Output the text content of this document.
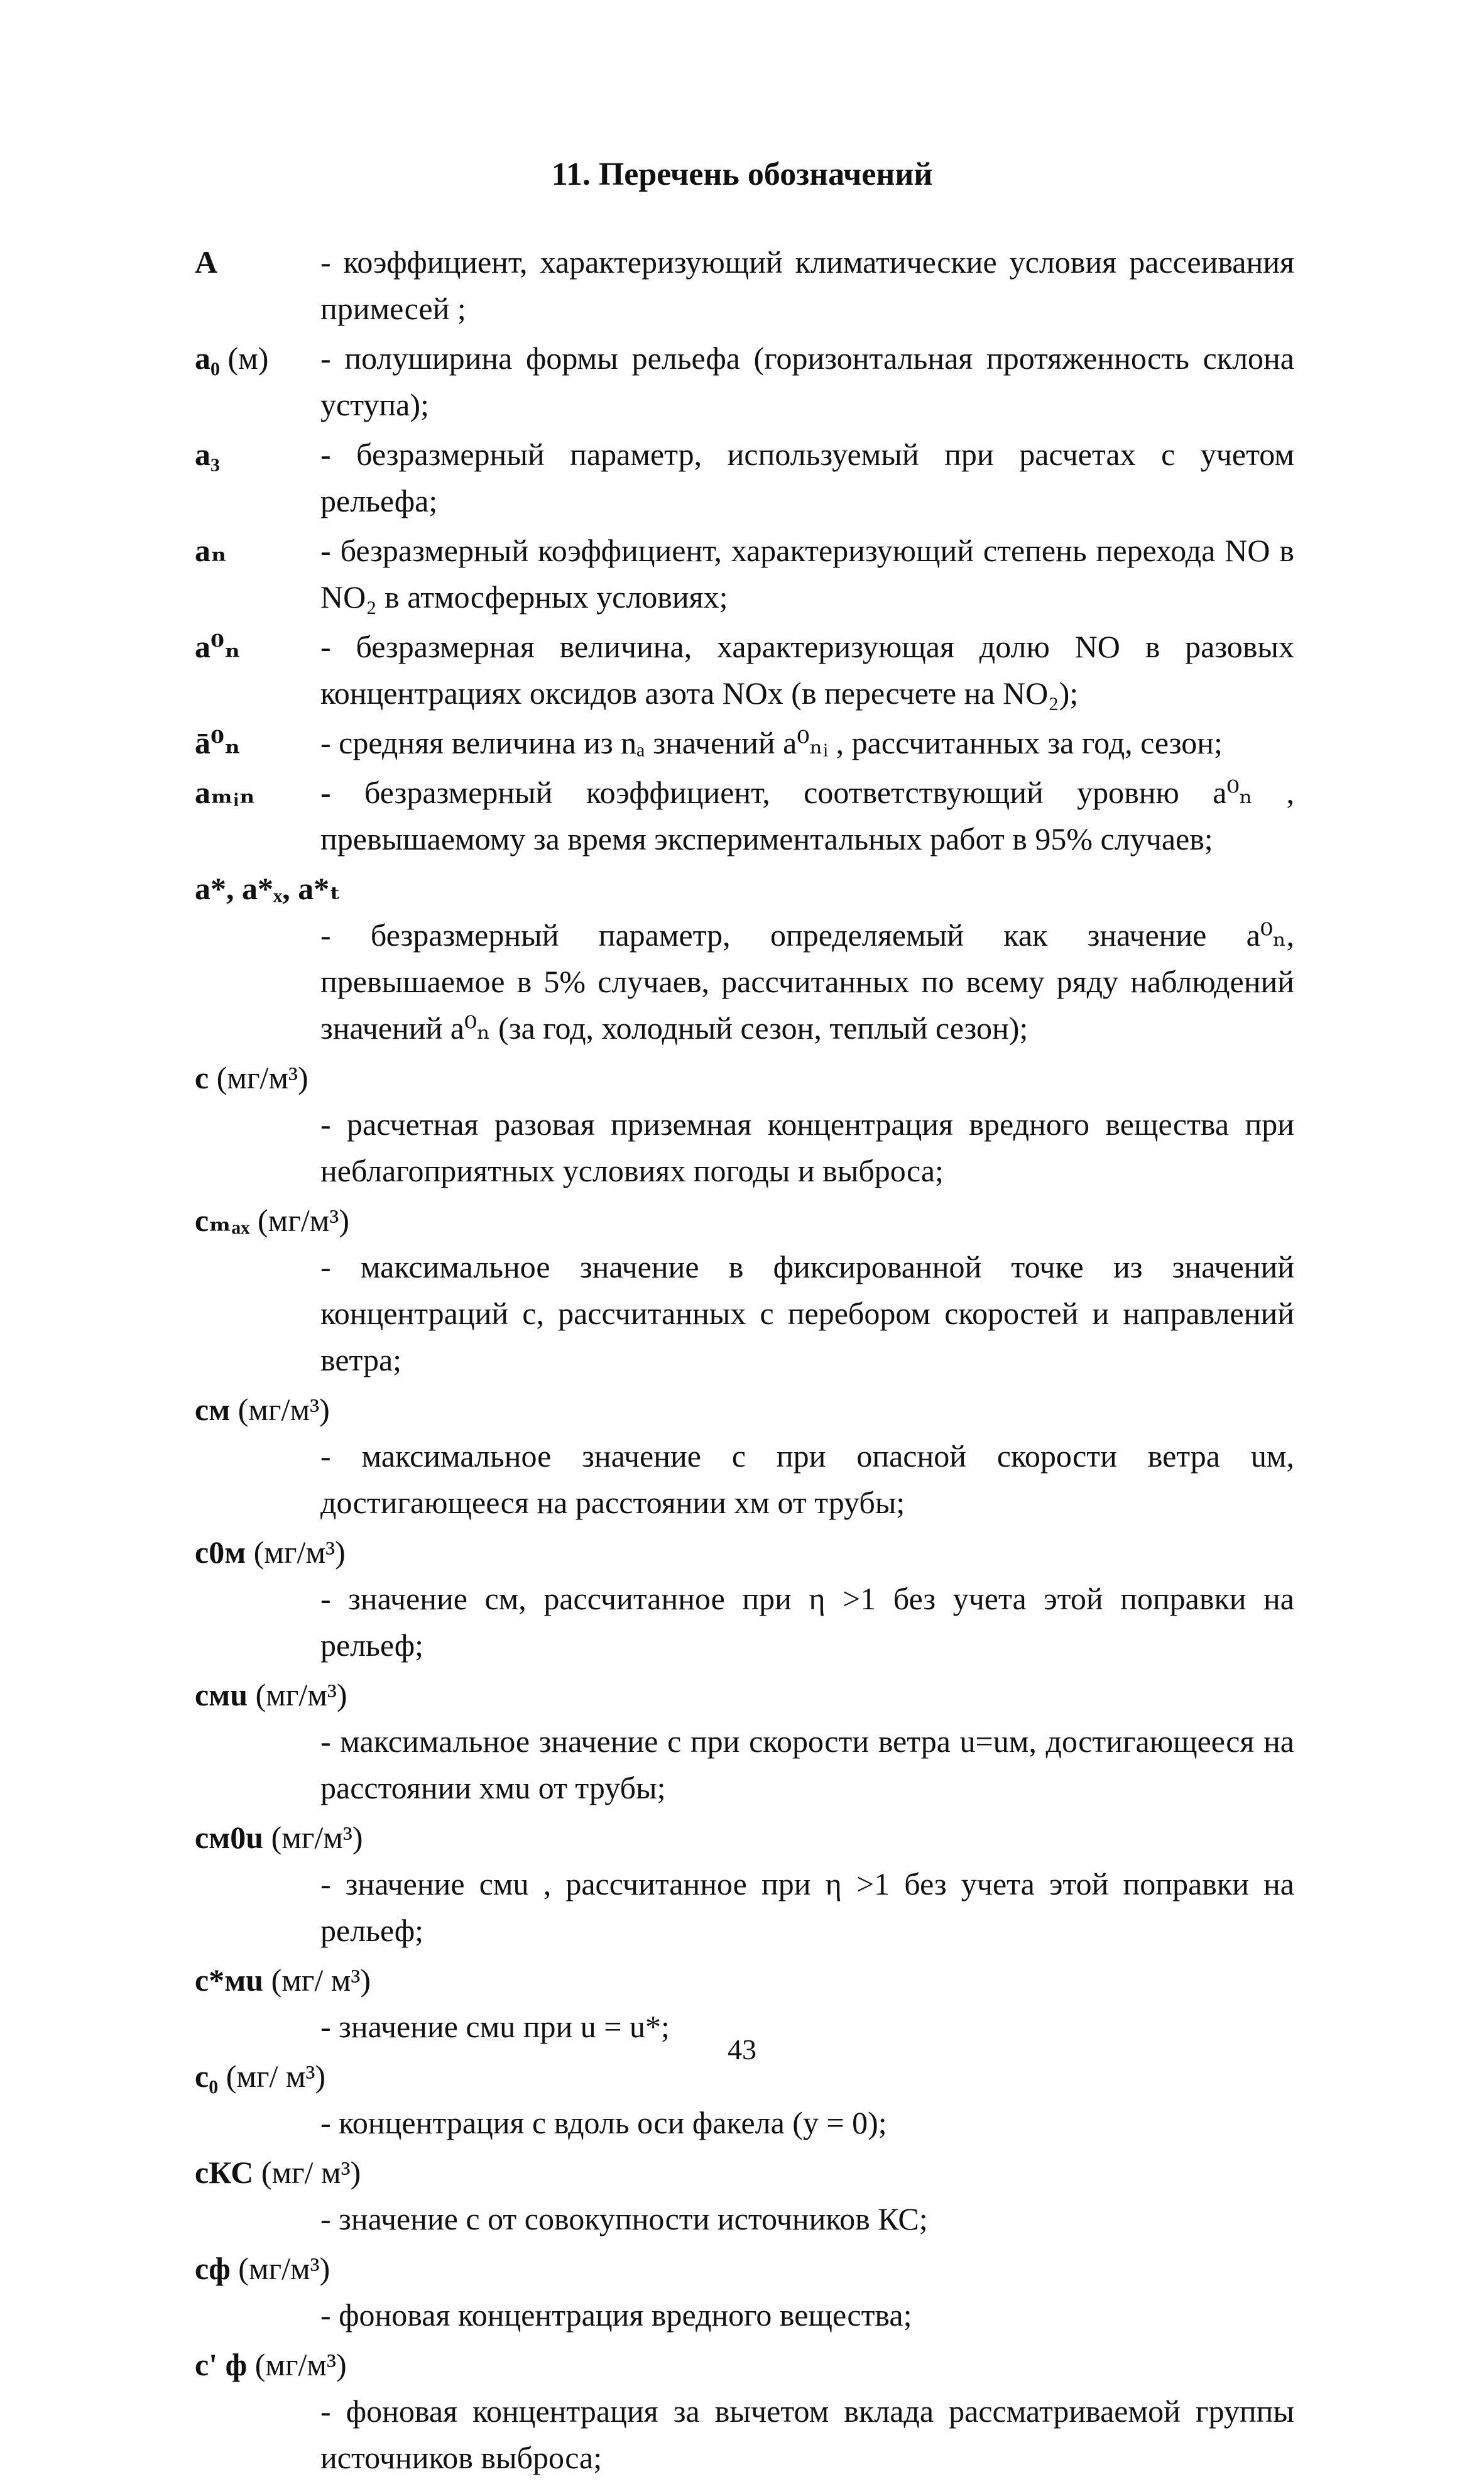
11. Перечень обозначений
A	- коэффициент, характеризующий климатические условия рассеивания примесей ;
a₀ (м) - полуширина формы рельефа (горизонтальная протяженность склона уступа);
a₃	- безразмерный параметр, используемый при расчетах с учетом рельефа;
aₙ	- безразмерный коэффициент, характеризующий степень перехода NO в NO₂ в атмосферных условиях;
a⁰ₙ	- безразмерная величина, характеризующая долю NO в разовых концентрациях оксидов азота NOx (в пересчете на NO₂);
ā⁰ₙ	- средняя величина из nₐ значений a⁰ₙᵢ , рассчитанных за год, сезон;
aₘᵢₙ - безразмерный коэффициент, соответствующий уровню a⁰ₙ , превышаемому за время экспериментальных работ в 95% случаев;
a*, a*ₓ, a*ₜ
- безразмерный параметр, определяемый как значение a⁰ₙ, превышаемое в 5% случаев, рассчитанных по всему ряду наблюдений значений a⁰ₙ (за год, холодный сезон, теплый сезон);
c (мг/м³)
- расчетная разовая приземная концентрация вредного вещества при неблагоприятных условиях погоды и выброса;
cₘₐₓ (мг/м³)
- максимальное значение в фиксированной точке из значений концентраций c, рассчитанных с перебором скоростей и направлений ветра;
cм (мг/м³)
- максимальное значение c при опасной скорости ветра uм, достигающееся на расстоянии xм от трубы;
c0м (мг/м³)
- значение cм, рассчитанное при η >1 без учета этой поправки на рельеф;
cмu (мг/м³)
- максимальное значение c при скорости ветра u=uм, достигающееся на расстоянии xмu от трубы;
cм0u (мг/м³)
- значение cмu , рассчитанное при η >1 без учета этой поправки на рельеф;
c*мu (мг/ м³)
- значение cмu при u = u*;
c₀ (мг/ м³)
- концентрация c вдоль оси факела (y = 0);
cКС (мг/ м³)
- значение c от совокупности источников КС;
cф (мг/м³)
- фоновая концентрация вредного вещества;
c' ф (мг/м³)
- фоновая концентрация за вычетом вклада рассматриваемой группы источников выброса;
43
